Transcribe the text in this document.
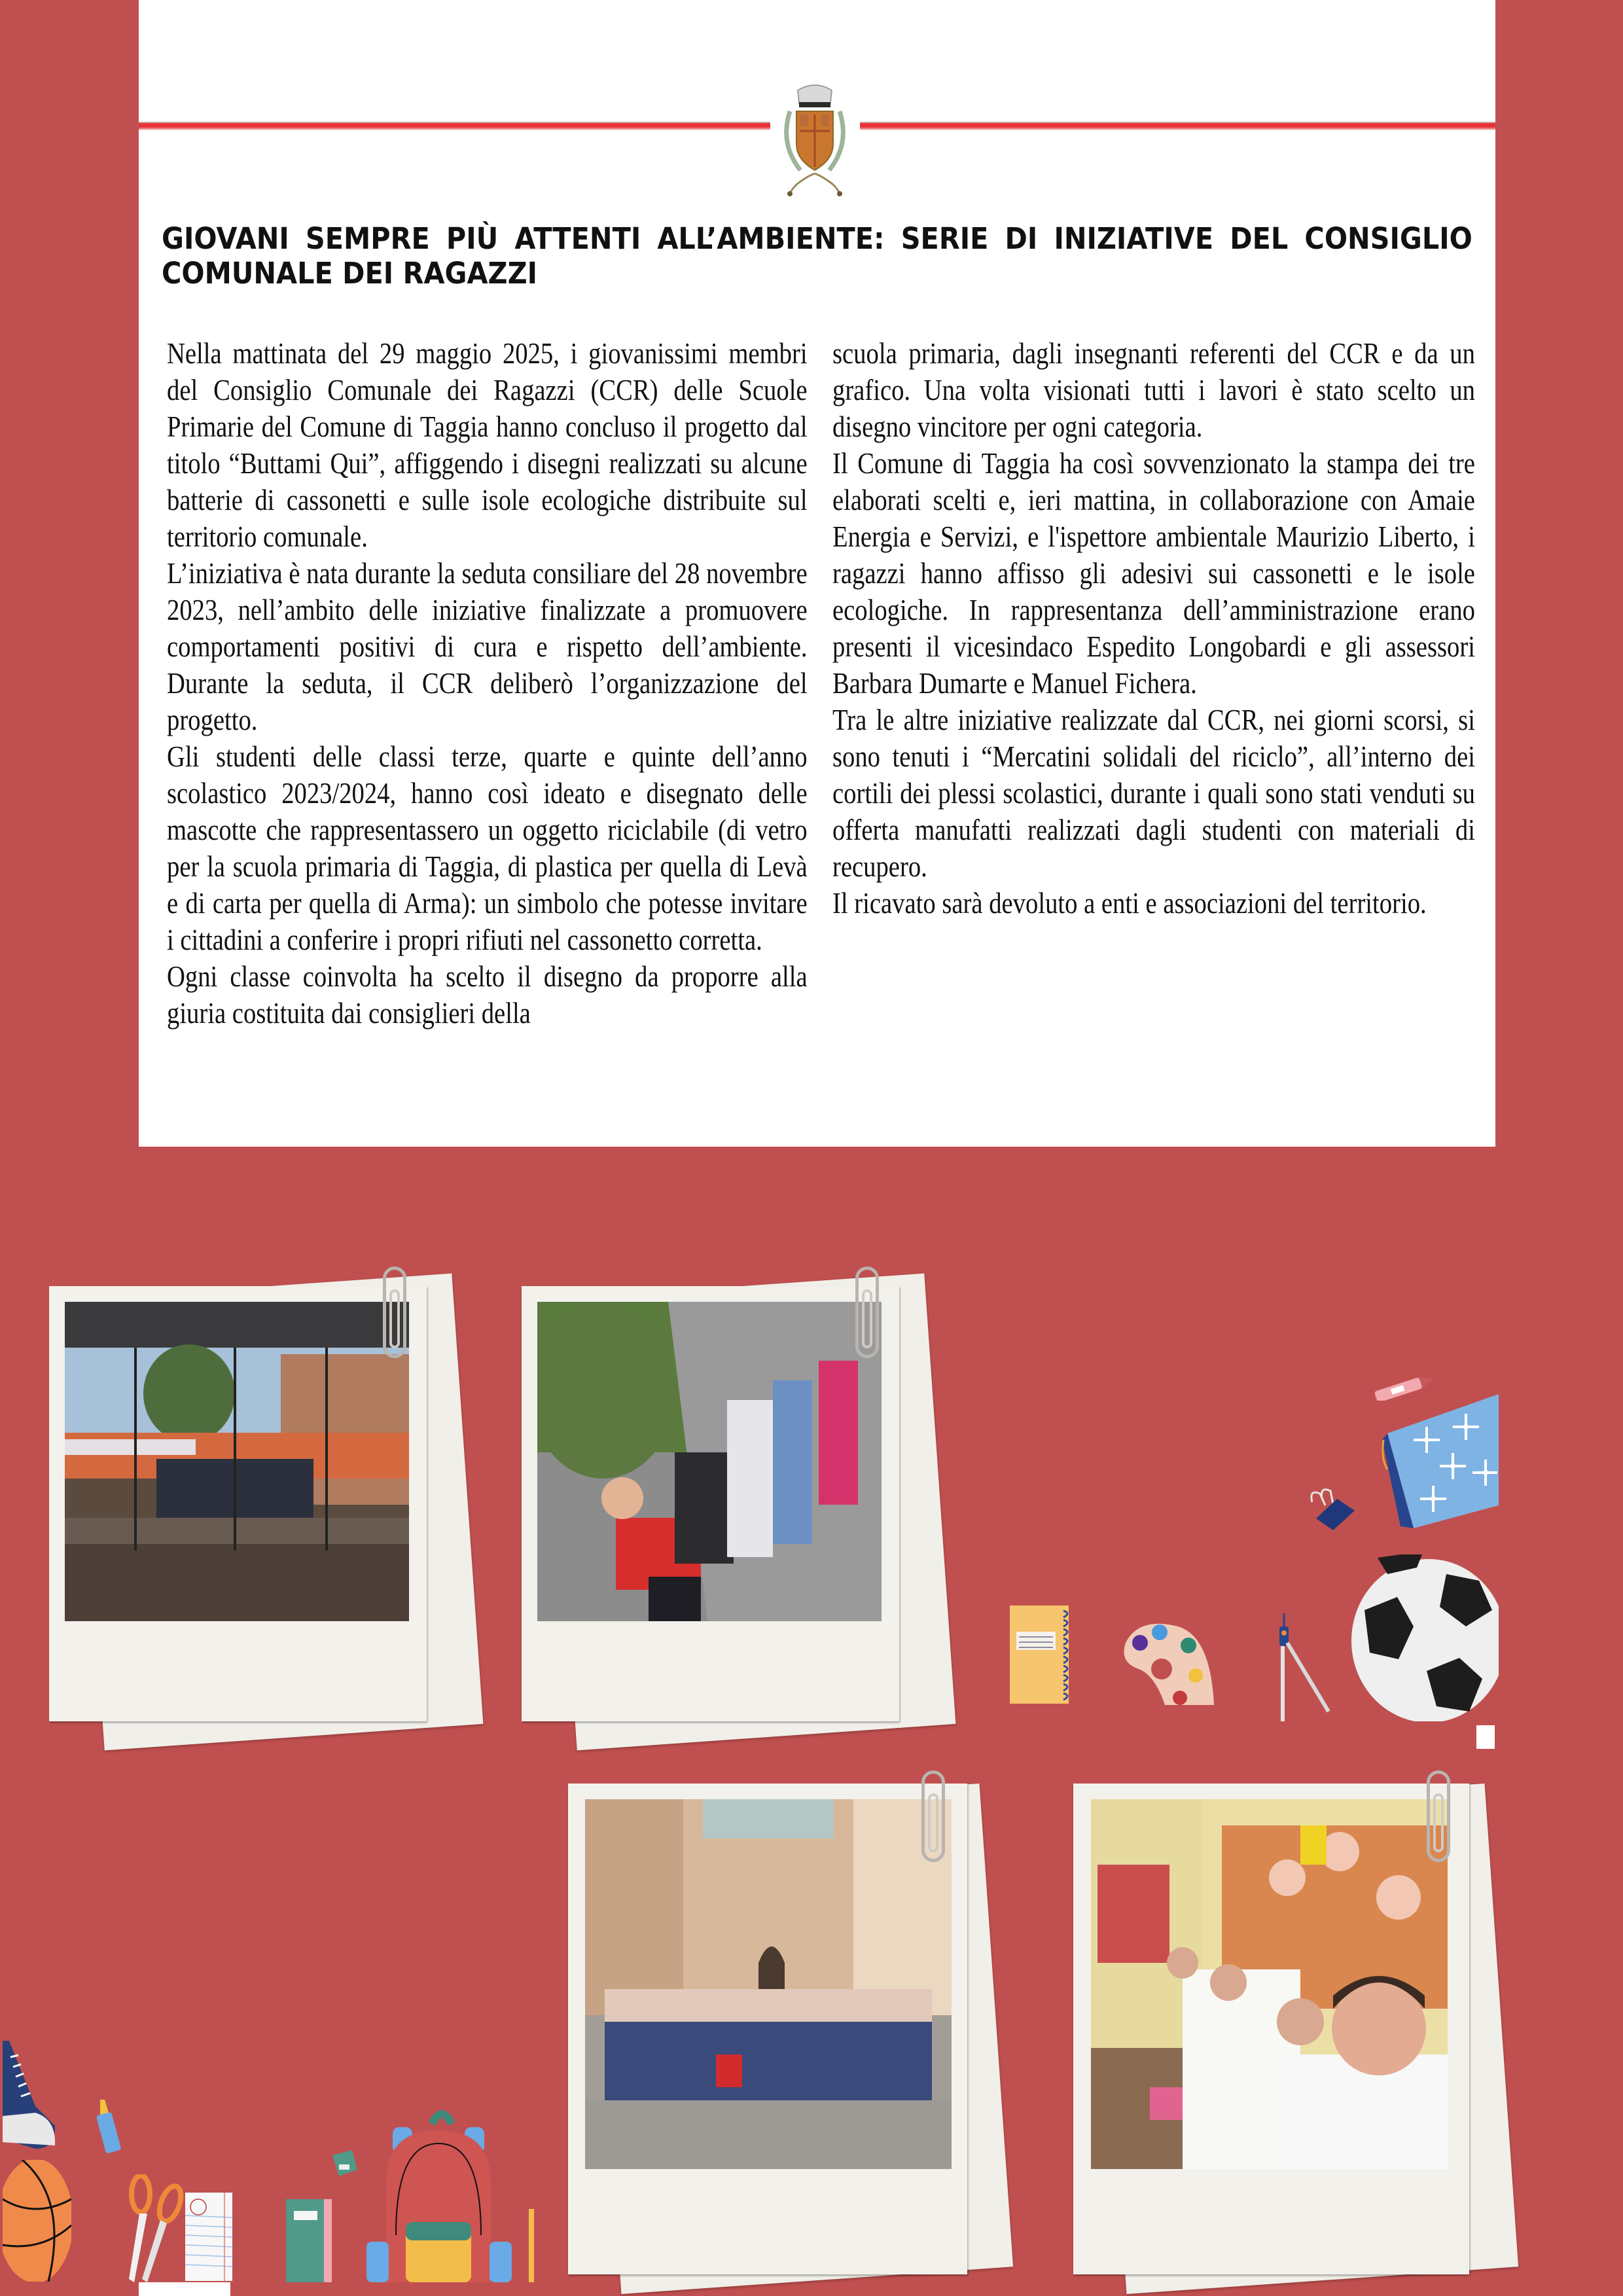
GIOVANI SEMPRE PIÙ ATTENTI ALL’AMBIENTE: SERIE DI INIZIATIVE DEL CONSIGLIO COMUNALE DEI RAGAZZI

Nella mattinata del 29 maggio 2025, i giovanissimi membri del Consiglio Comunale dei Ragazzi (CCR) delle Scuole Primarie del Comune di Taggia hanno concluso il progetto dal titolo “Buttami Qui”, affiggendo i disegni realizzati su alcune batterie di cassonetti e sulle isole ecologiche distribuite sul territorio comunale.

L’iniziativa è nata durante la seduta consiliare del 28 novembre 2023, nell’ambito delle iniziative finalizzate a promuovere comportamenti positivi di cura e rispetto dell’ambiente. Durante la seduta, il CCR deliberò l’organizzazione del progetto.

Gli studenti delle classi terze, quarte e quinte dell’anno scolastico 2023/2024, hanno così ideato e disegnato delle mascotte che rappresentassero un oggetto riciclabile (di vetro per la scuola primaria di Taggia, di plastica per quella di Levà e di carta per quella di Arma): un simbolo che potesse invitare i cittadini a conferire i propri rifiuti nel cassonetto corretta.

Ogni classe coinvolta ha scelto il disegno da proporre alla giuria costituita dai consiglieri della

scuola primaria, dagli insegnanti referenti del CCR e da un grafico. Una volta visionati tutti i lavori è stato scelto un disegno vincitore per ogni categoria.

Il Comune di Taggia ha così sovvenzionato la stampa dei tre elaborati scelti e, ieri mattina, in collaborazione con Amaie Energia e Servizi, e l'ispettore ambientale Maurizio Liberto, i ragazzi hanno affisso gli adesivi sui cassonetti e le isole ecologiche. In rappresentanza dell’amministrazione erano presenti il vicesindaco Espedito Longobardi e gli assessori Barbara Dumarte e Manuel Fichera.

Tra le altre iniziative realizzate dal CCR, nei giorni scorsi, si sono tenuti i “Mercatini solidali del riciclo”, all’interno dei cortili dei plessi scolastici, durante i quali sono stati venduti su offerta manufatti realizzati dagli studenti con materiali di recupero.

Il ricavato sarà devoluto a enti e associazioni del territorio.
